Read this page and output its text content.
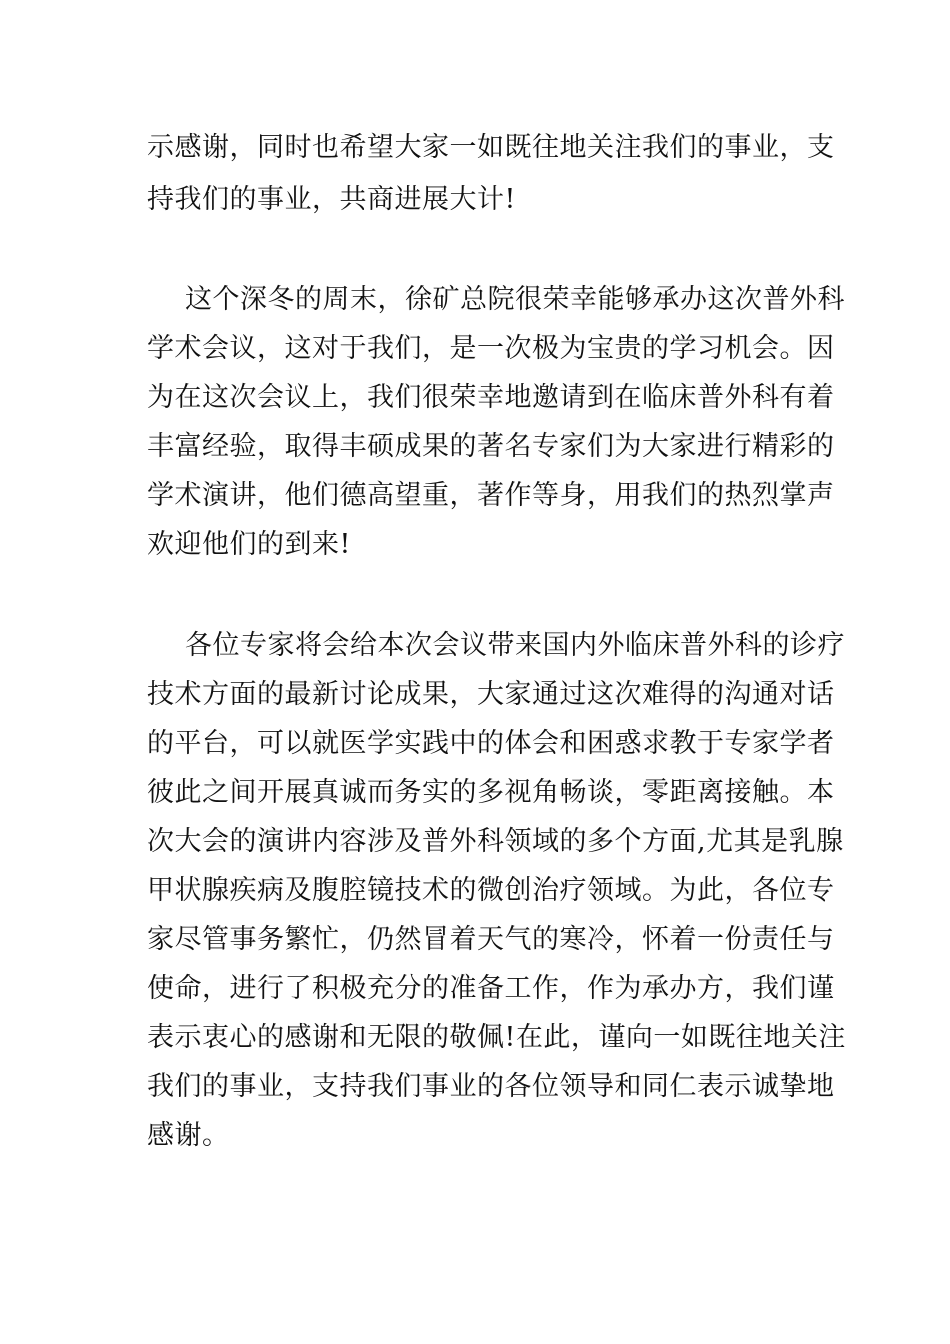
示感谢，同时也希望大家一如既往地关注我们的事业，支
持我们的事业，共商进展大计!
这个深冬的周末，徐矿总院很荣幸能够承办这次普外科
学术会议，这对于我们，是一次极为宝贵的学习机会。因
为在这次会议上，我们很荣幸地邀请到在临床普外科有着
丰富经验，取得丰硕成果的著名专家们为大家进行精彩的
学术演讲，他们德高望重，著作等身，用我们的热烈掌声
欢迎他们的到来!
各位专家将会给本次会议带来国内外临床普外科的诊疗
技术方面的最新讨论成果，大家通过这次难得的沟通对话
的平台，可以就医学实践中的体会和困惑求教于专家学者
彼此之间开展真诚而务实的多视角畅谈，零距离接触。本
次大会的演讲内容涉及普外科领域的多个方面,尤其是乳腺
甲状腺疾病及腹腔镜技术的微创治疗领域。为此，各位专
家尽管事务繁忙，仍然冒着天气的寒冷，怀着一份责任与
使命，进行了积极充分的准备工作，作为承办方，我们谨
表示衷心的感谢和无限的敬佩!在此，谨向一如既往地关注
我们的事业，支持我们事业的各位领导和同仁表示诚挚地
感谢。
